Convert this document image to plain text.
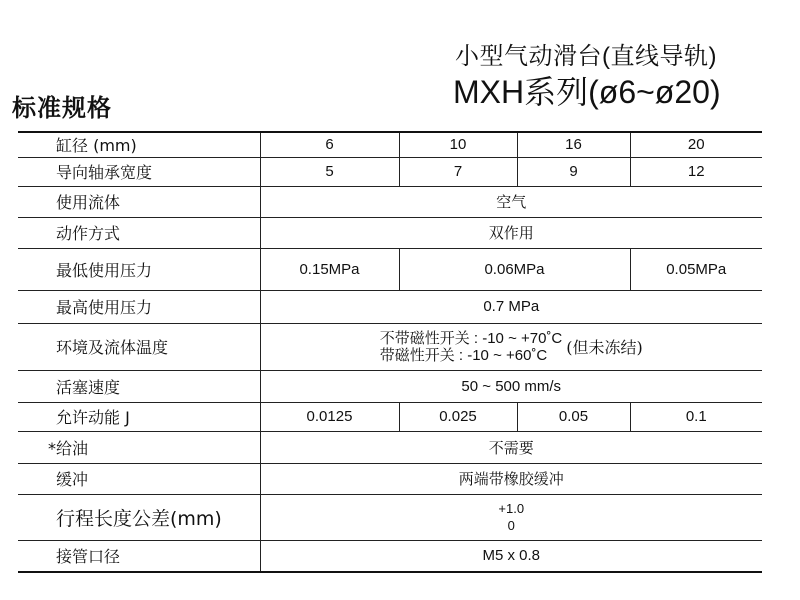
标准规格
小型气动滑台(直线导轨)
MXH系列(ø6~ø20)
缸径 (mm)	6	10	16	20
导向轴承宽度	5	7	9	12
使用流体	空气			
动作方式	双作用			
最低使用压力	0.15MPa	0.06MPa		0.05MPa
最高使用压力	0.7 MPa			
环境及流体温度	不带磁性开关 : -10 ~ +70˚C
带磁性开关 : -10 ~ +60˚C (但未冻结)			

活塞速度	50 ~ 500 mm/s			
允许动能 J	0.0125	0.025	0.05	0.1
*给油	不需要			
缓冲	两端带橡胶缓冲			
行程长度公差(mm)	+1.0
0			

接管口径	M5 x 0.8			
